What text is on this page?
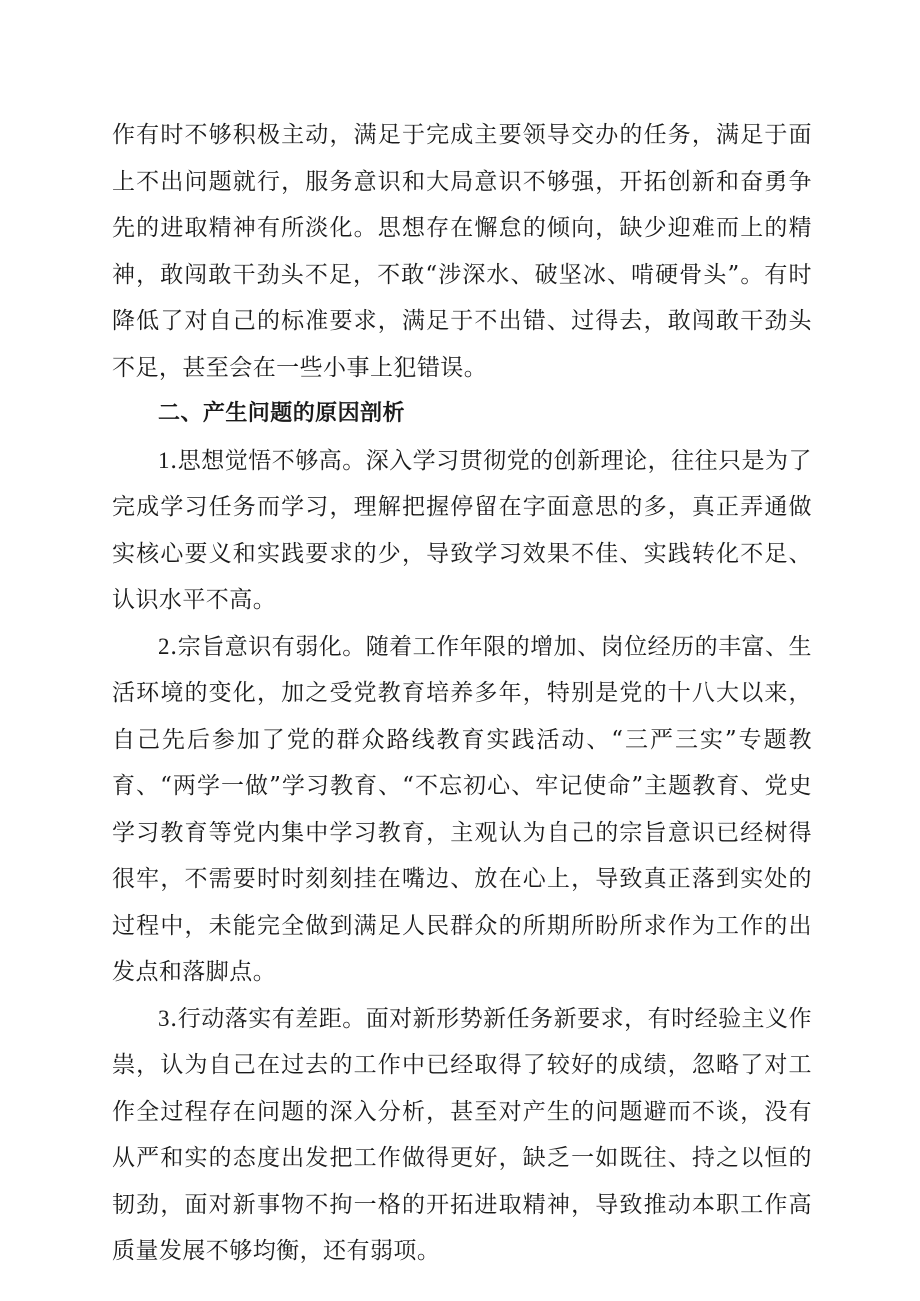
作有时不够积极主动，满足于完成主要领导交办的任务，满足于面上不出问题就行，服务意识和大局意识不够强，开拓创新和奋勇争先的进取精神有所淡化。思想存在懈怠的倾向，缺少迎难而上的精神，敢闯敢干劲头不足，不敢“涉深水、破坚冰、啃硬骨头”。有时降低了对自己的标准要求，满足于不出错、过得去，敢闯敢干劲头不足，甚至会在一些小事上犯错误。

二、产生问题的原因剖析

1.思想觉悟不够高。深入学习贯彻党的创新理论，往往只是为了完成学习任务而学习，理解把握停留在字面意思的多，真正弄通做实核心要义和实践要求的少，导致学习效果不佳、实践转化不足、认识水平不高。

2.宗旨意识有弱化。随着工作年限的增加、岗位经历的丰富、生活环境的变化，加之受党教育培养多年，特别是党的十八大以来，自己先后参加了党的群众路线教育实践活动、“三严三实”专题教育、“两学一做”学习教育、“不忘初心、牢记使命”主题教育、党史学习教育等党内集中学习教育，主观认为自己的宗旨意识已经树得很牢，不需要时时刻刻挂在嘴边、放在心上，导致真正落到实处的过程中，未能完全做到满足人民群众的所期所盼所求作为工作的出发点和落脚点。

3.行动落实有差距。面对新形势新任务新要求，有时经验主义作祟，认为自己在过去的工作中已经取得了较好的成绩，忽略了对工作全过程存在问题的深入分析，甚至对产生的问题避而不谈，没有从严和实的态度出发把工作做得更好，缺乏一如既往、持之以恒的韧劲，面对新事物不拘一格的开拓进取精神，导致推动本职工作高质量发展不够均衡，还有弱项。
